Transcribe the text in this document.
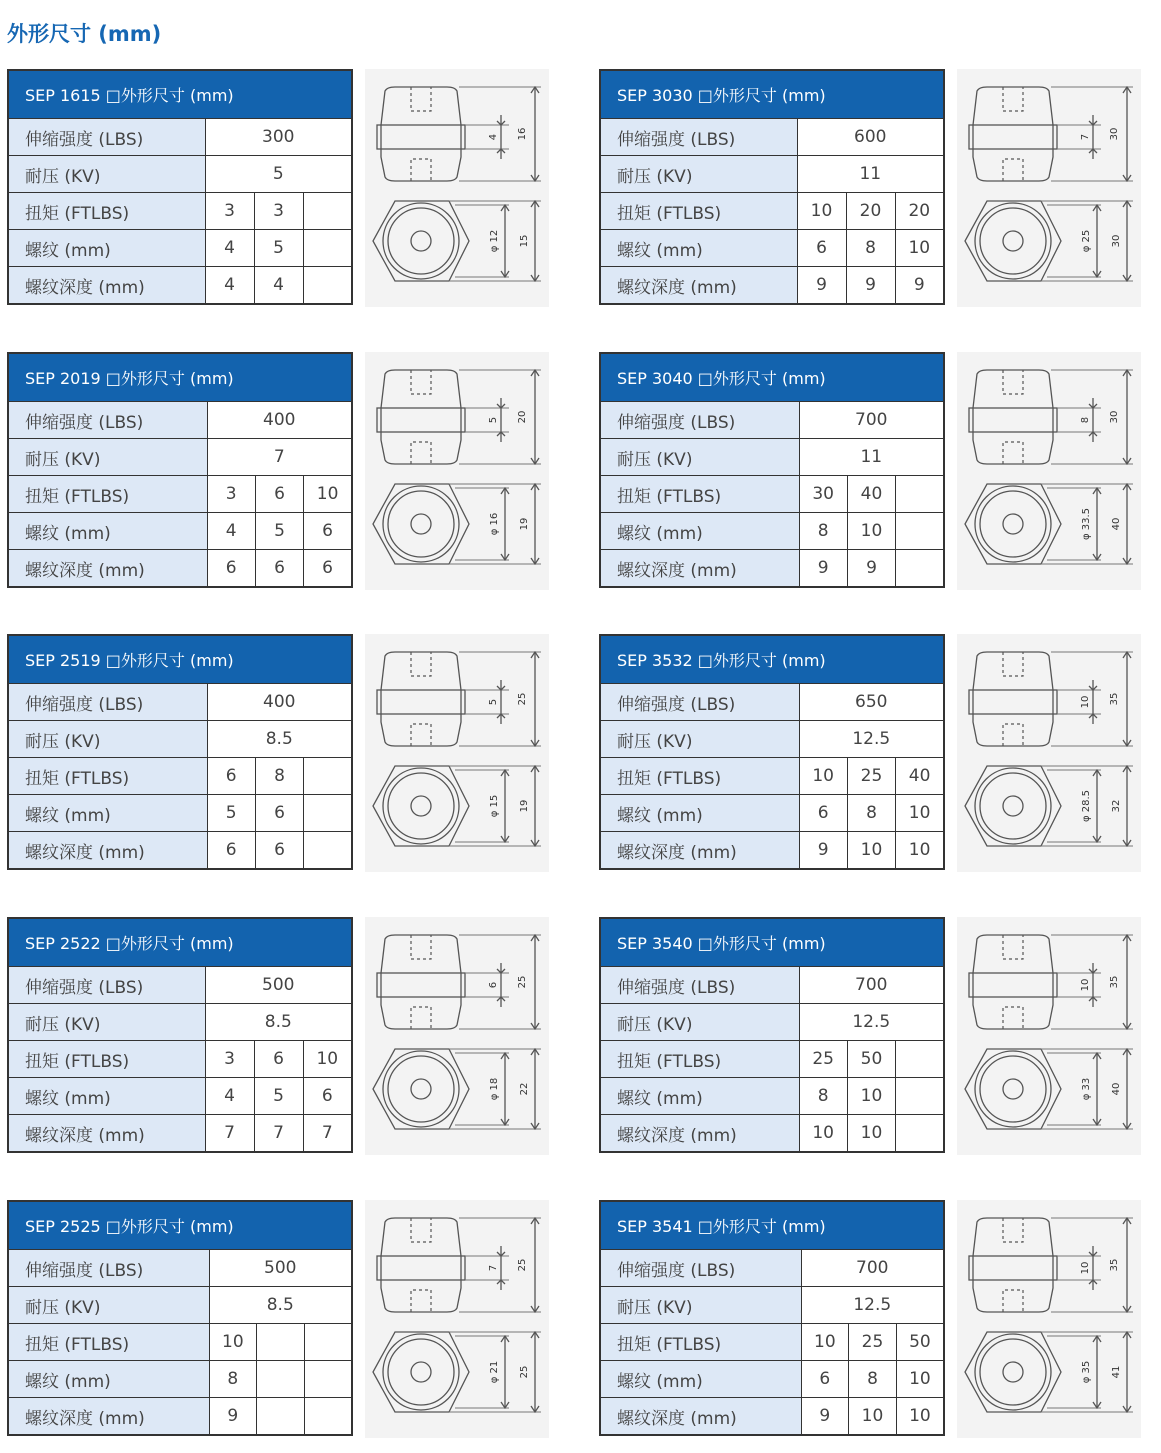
外形尺寸 (mm)
SEP 1615 □外形尺寸 (mm)			
伸缩强度 (LBS)	300		
耐压 (KV)	5		
扭矩 (FTLBS)	3	3	
螺纹 (mm)	4	5	
螺纹深度 (mm)	4	4	
4 16
φ 12 15
SEP 3030 □外形尺寸 (mm)			
伸缩强度 (LBS)	600		
耐压 (KV)	11		
扭矩 (FTLBS)	10	20	20
螺纹 (mm)	6	8	10
螺纹深度 (mm)	9	9	9
7 30
φ 25 30
SEP 2019 □外形尺寸 (mm)			
伸缩强度 (LBS)	400		
耐压 (KV)	7		
扭矩 (FTLBS)	3	6	10
螺纹 (mm)	4	5	6
螺纹深度 (mm)	6	6	6
5 20
φ 16 19
SEP 3040 □外形尺寸 (mm)			
伸缩强度 (LBS)	700		
耐压 (KV)	11		
扭矩 (FTLBS)	30	40	
螺纹 (mm)	8	10	
螺纹深度 (mm)	9	9	
8 30
φ 33.5 40
SEP 2519 □外形尺寸 (mm)			
伸缩强度 (LBS)	400		
耐压 (KV)	8.5		
扭矩 (FTLBS)	6	8	
螺纹 (mm)	5	6	
螺纹深度 (mm)	6	6	
5 25
φ 15 19
SEP 3532 □外形尺寸 (mm)			
伸缩强度 (LBS)	650		
耐压 (KV)	12.5		
扭矩 (FTLBS)	10	25	40
螺纹 (mm)	6	8	10
螺纹深度 (mm)	9	10	10
10 35
φ 28.5 32
SEP 2522 □外形尺寸 (mm)			
伸缩强度 (LBS)	500		
耐压 (KV)	8.5		
扭矩 (FTLBS)	3	6	10
螺纹 (mm)	4	5	6
螺纹深度 (mm)	7	7	7
6 25
φ 18 22
SEP 3540 □外形尺寸 (mm)			
伸缩强度 (LBS)	700		
耐压 (KV)	12.5		
扭矩 (FTLBS)	25	50	
螺纹 (mm)	8	10	
螺纹深度 (mm)	10	10	
10 35
φ 33 40
SEP 2525 □外形尺寸 (mm)			
伸缩强度 (LBS)	500		
耐压 (KV)	8.5		
扭矩 (FTLBS)	10		
螺纹 (mm)	8		
螺纹深度 (mm)	9		
7 25
φ 21 25
SEP 3541 □外形尺寸 (mm)			
伸缩强度 (LBS)	700		
耐压 (KV)	12.5		
扭矩 (FTLBS)	10	25	50
螺纹 (mm)	6	8	10
螺纹深度 (mm)	9	10	10
10 35
φ 35 41
